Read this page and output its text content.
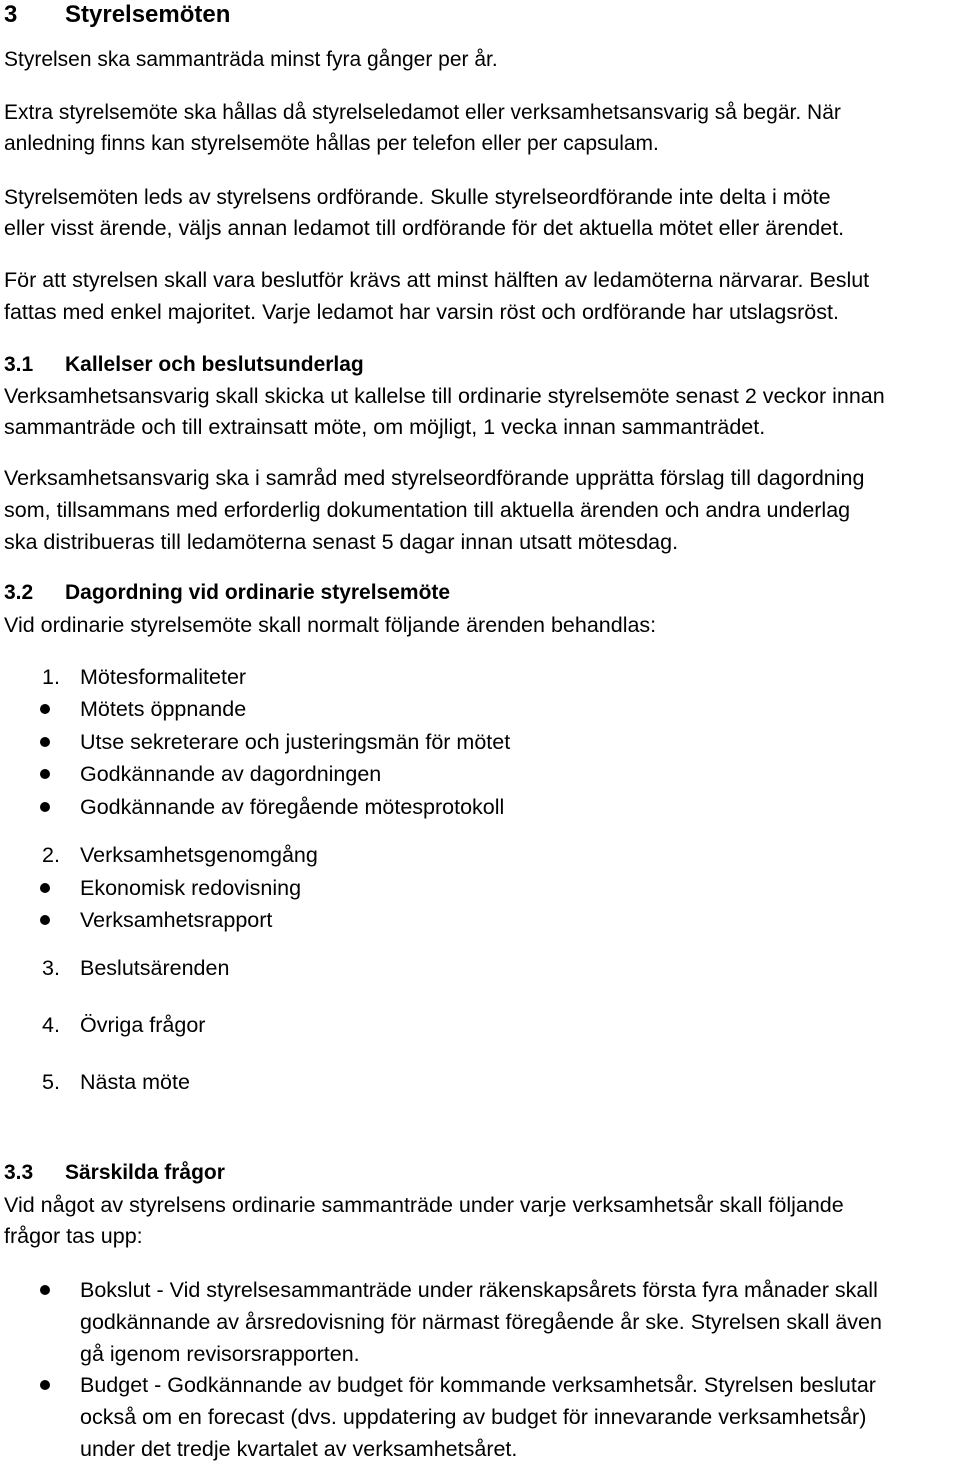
3 Styrelsemöten
Styrelsen ska sammanträda minst fyra gånger per år.
Extra styrelsemöte ska hållas då styrelseledamot eller verksamhetsansvarig så begär. När
anledning finns kan styrelsemöte hållas per telefon eller per capsulam.
Styrelsemöten leds av styrelsens ordförande. Skulle styrelseordförande inte delta i möte
eller visst ärende, väljs annan ledamot till ordförande för det aktuella mötet eller ärendet.
För att styrelsen skall vara beslutför krävs att minst hälften av ledamöterna närvarar. Beslut
fattas med enkel majoritet. Varje ledamot har varsin röst och ordförande har utslagsröst.
3.1 Kallelser och beslutsunderlag
Verksamhetsansvarig skall skicka ut kallelse till ordinarie styrelsemöte senast 2 veckor innan
sammanträde och till extrainsatt möte, om möjligt, 1 vecka innan sammanträdet.
Verksamhetsansvarig ska i samråd med styrelseordförande upprätta förslag till dagordning
som, tillsammans med erforderlig dokumentation till aktuella ärenden och andra underlag
ska distribueras till ledamöterna senast 5 dagar innan utsatt mötesdag.
3.2 Dagordning vid ordinarie styrelsemöte
Vid ordinarie styrelsemöte skall normalt följande ärenden behandlas:
1. Mötesformaliteter
Mötets öppnande
Utse sekreterare och justeringsmän för mötet
Godkännande av dagordningen
Godkännande av föregående mötesprotokoll
2. Verksamhetsgenomgång
Ekonomisk redovisning
Verksamhetsrapport
3. Beslutsärenden
4. Övriga frågor
5. Nästa möte
3.3 Särskilda frågor
Vid något av styrelsens ordinarie sammanträde under varje verksamhetsår skall följande
frågor tas upp:
Bokslut - Vid styrelsesammanträde under räkenskapsårets första fyra månader skall
godkännande av årsredovisning för närmast föregående år ske. Styrelsen skall även
gå igenom revisorsrapporten.
Budget - Godkännande av budget för kommande verksamhetsår. Styrelsen beslutar
också om en forecast (dvs. uppdatering av budget för innevarande verksamhetsår)
under det tredje kvartalet av verksamhetsåret.
